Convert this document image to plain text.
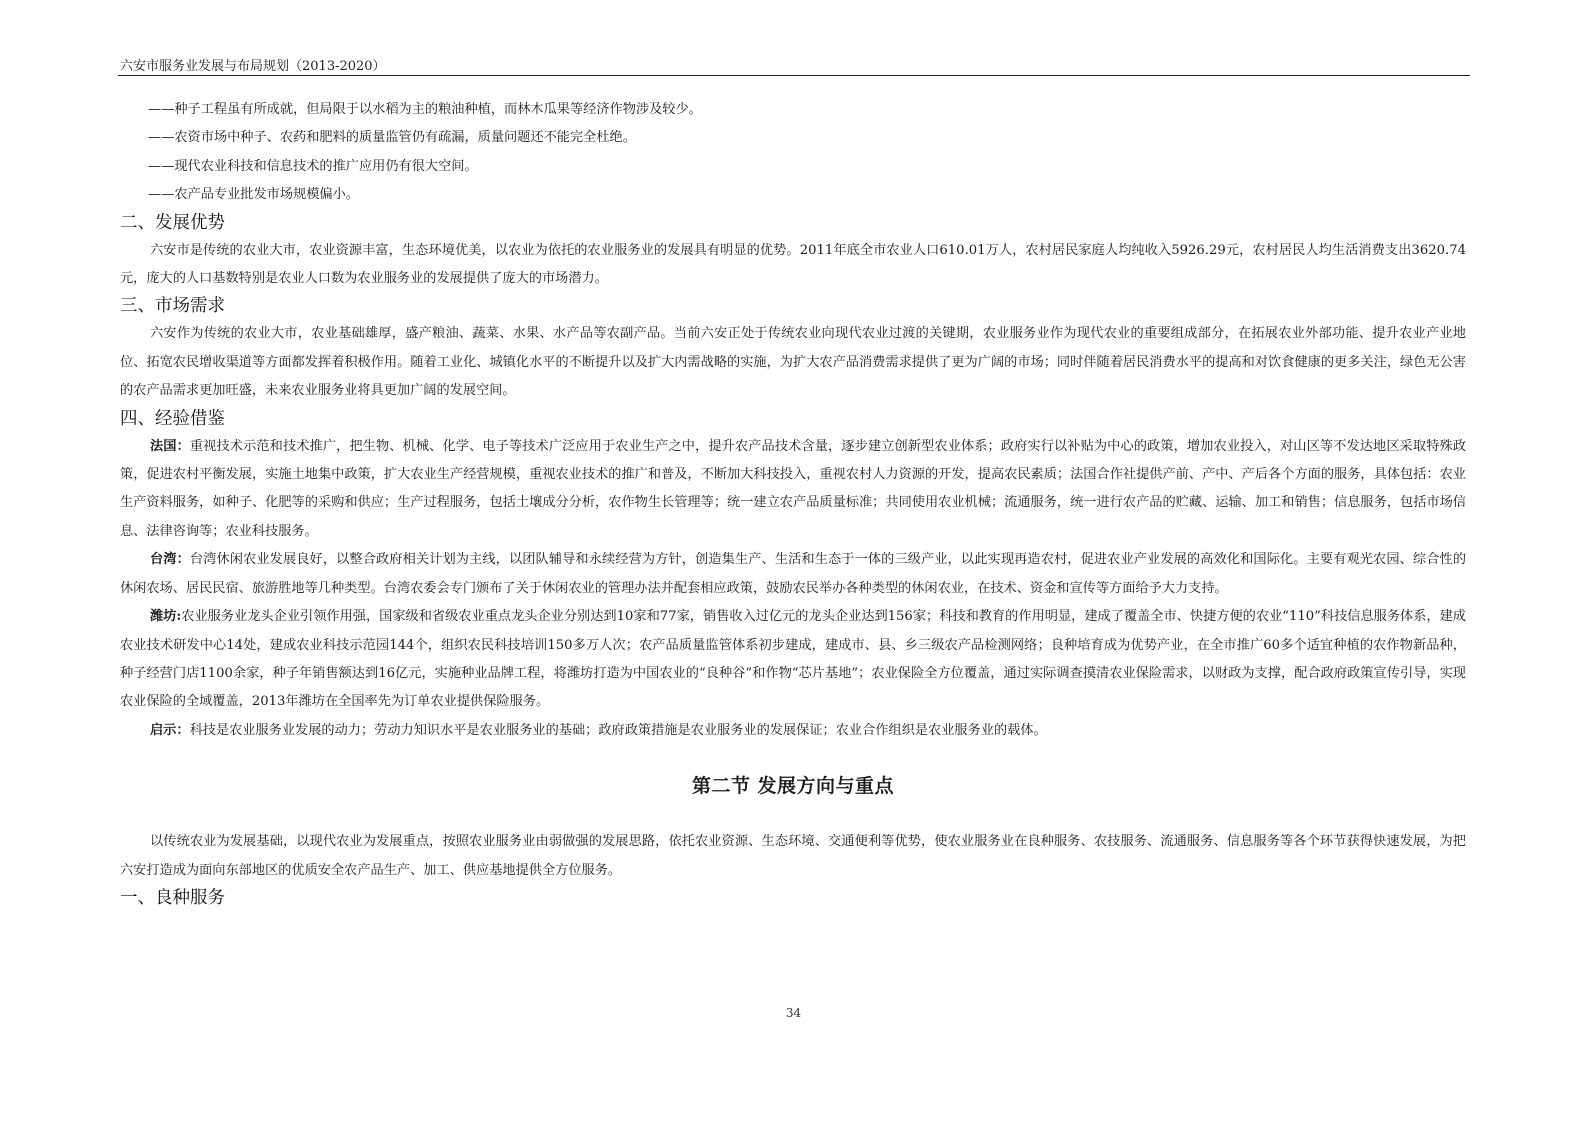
六安市服务业发展与布局规划（2013-2020）

——种子工程虽有所成就，但局限于以水稻为主的粮油种植，而林木瓜果等经济作物涉及较少。

——农资市场中种子、农药和肥料的质量监管仍有疏漏，质量问题还不能完全杜绝。

——现代农业科技和信息技术的推广应用仍有很大空间。

——农产品专业批发市场规模偏小。

二、发展优势

六安市是传统的农业大市，农业资源丰富，生态环境优美，以农业为依托的农业服务业的发展具有明显的优势。2011年底全市农业人口610.01万人，农村居民家庭人均纯收入5926.29元，农村居民人均生活消费支出3620.74元，庞大的人口基数特别是农业人口数为农业服务业的发展提供了庞大的市场潜力。

三、市场需求

六安作为传统的农业大市，农业基础雄厚，盛产粮油、蔬菜、水果、水产品等农副产品。当前六安正处于传统农业向现代农业过渡的关键期，农业服务业作为现代农业的重要组成部分，在拓展农业外部功能、提升农业产业地位、拓宽农民增收渠道等方面都发挥着积极作用。随着工业化、城镇化水平的不断提升以及扩大内需战略的实施，为扩大农产品消费需求提供了更为广阔的市场；同时伴随着居民消费水平的提高和对饮食健康的更多关注，绿色无公害的农产品需求更加旺盛，未来农业服务业将具更加广阔的发展空间。

四、经验借鉴

法国：重视技术示范和技术推广，把生物、机械、化学、电子等技术广泛应用于农业生产之中，提升农产品技术含量，逐步建立创新型农业体系；政府实行以补贴为中心的政策，增加农业投入，对山区等不发达地区采取特殊政策，促进农村平衡发展，实施土地集中政策，扩大农业生产经营规模，重视农业技术的推广和普及，不断加大科技投入，重视农村人力资源的开发，提高农民素质；法国合作社提供产前、产中、产后各个方面的服务，具体包括：农业生产资料服务，如种子、化肥等的采购和供应；生产过程服务，包括土壤成分分析，农作物生长管理等；统一建立农产品质量标准；共同使用农业机械；流通服务，统一进行农产品的贮藏、运输、加工和销售；信息服务，包括市场信息、法律咨询等；农业科技服务。

台湾：台湾休闲农业发展良好，以整合政府相关计划为主线，以团队辅导和永续经营为方针，创造集生产、生活和生态于一体的三级产业，以此实现再造农村，促进农业产业发展的高效化和国际化。主要有观光农园、综合性的休闲农场、居民民宿、旅游胜地等几种类型。台湾农委会专门颁布了关于休闲农业的管理办法并配套相应政策，鼓励农民举办各种类型的休闲农业，在技术、资金和宣传等方面给予大力支持。

潍坊:农业服务业龙头企业引领作用强，国家级和省级农业重点龙头企业分别达到10家和77家，销售收入过亿元的龙头企业达到156家；科技和教育的作用明显，建成了覆盖全市、快捷方便的农业“110”科技信息服务体系，建成农业技术研发中心14处，建成农业科技示范园144个，组织农民科技培训150多万人次；农产品质量监管体系初步建成，建成市、县、乡三级农产品检测网络；良种培育成为优势产业，在全市推广60多个适宜种植的农作物新品种，种子经营门店1100余家，种子年销售额达到16亿元，实施种业品牌工程，将潍坊打造为中国农业的“良种谷”和作物“芯片基地”；农业保险全方位覆盖，通过实际调查摸清农业保险需求，以财政为支撑，配合政府政策宣传引导，实现农业保险的全域覆盖，2013年潍坊在全国率先为订单农业提供保险服务。

启示：科技是农业服务业发展的动力；劳动力知识水平是农业服务业的基础；政府政策措施是农业服务业的发展保证；农业合作组织是农业服务业的载体。

第二节 发展方向与重点

以传统农业为发展基础，以现代农业为发展重点，按照农业服务业由弱做强的发展思路，依托农业资源、生态环境、交通便利等优势，使农业服务业在良种服务、农技服务、流通服务、信息服务等各个环节获得快速发展，为把六安打造成为面向东部地区的优质安全农产品生产、加工、供应基地提供全方位服务。

一、良种服务
34
